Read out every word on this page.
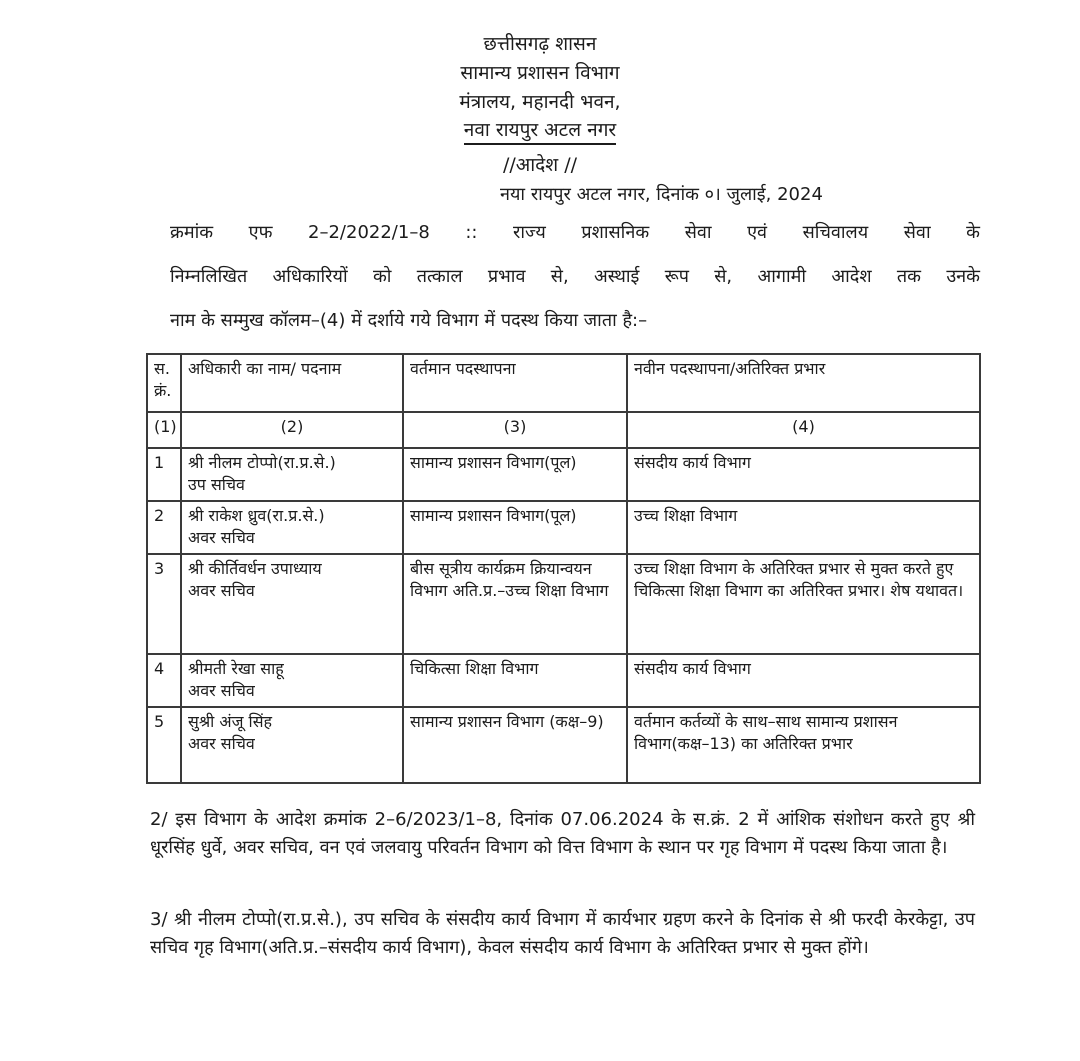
छत्तीसगढ़ शासन
सामान्य प्रशासन विभाग
मंत्रालय, महानदी भवन,
नवा रायपुर अटल नगर
//आदेश //
नया रायपुर अटल नगर, दिनांक ०। जुलाई, 2024

क्रमांक एफ 2–2/2022/1–8 :: राज्य प्रशासनिक सेवा एवं सचिवालय सेवा के

निम्नलिखित अधिकारियों को तत्काल प्रभाव से, अस्थाई रूप से, आगामी आदेश तक उनके

नाम के सम्मुख कॉलम–(4) में दर्शाये गये विभाग में पदस्थ किया जाता है:–

स. क्रं.	अधिकारी का नाम/ पदनाम	वर्तमान पदस्थापना	नवीन पदस्थापना/अतिरिक्त प्रभार
(1)	(2)	(3)	(4)
1	श्री नीलम टोप्पो(रा.प्र.से.)
उप सचिव	सामान्य प्रशासन विभाग(पूल)	संसदीय कार्य विभाग
2	श्री राकेश ध्रुव(रा.प्र.से.)
अवर सचिव	सामान्य प्रशासन विभाग(पूल)	उच्च शिक्षा विभाग
3	श्री कीर्तिवर्धन उपाध्याय
अवर सचिव	बीस सूत्रीय कार्यक्रम क्रियान्वयन विभाग अति.प्र.–उच्च शिक्षा विभाग	उच्च शिक्षा विभाग के अतिरिक्त प्रभार से मुक्त करते हुए चिकित्सा शिक्षा विभाग का अतिरिक्त प्रभार। शेष यथावत।
4	श्रीमती रेखा साहू
अवर सचिव	चिकित्सा शिक्षा विभाग	संसदीय कार्य विभाग
5	सुश्री अंजू सिंह
अवर सचिव	सामान्य प्रशासन विभाग (कक्ष–9)	वर्तमान कर्तव्यों के साथ–साथ सामान्य प्रशासन विभाग(कक्ष–13) का अतिरिक्त प्रभार

2/ इस विभाग के आदेश क्रमांक 2–6/2023/1–8, दिनांक 07.06.2024 के स.क्रं. 2 में आंशिक संशोधन करते हुए श्री धूरसिंह धुर्वे, अवर सचिव, वन एवं जलवायु परिवर्तन विभाग को वित्त विभाग के स्थान पर गृह विभाग में पदस्थ किया जाता है।

3/ श्री नीलम टोप्पो(रा.प्र.से.), उप सचिव के संसदीय कार्य विभाग में कार्यभार ग्रहण करने के दिनांक से श्री फरदी केरकेट्टा, उप सचिव गृह विभाग(अति.प्र.–संसदीय कार्य विभाग), केवल संसदीय कार्य विभाग के अतिरिक्त प्रभार से मुक्त होंगे।
